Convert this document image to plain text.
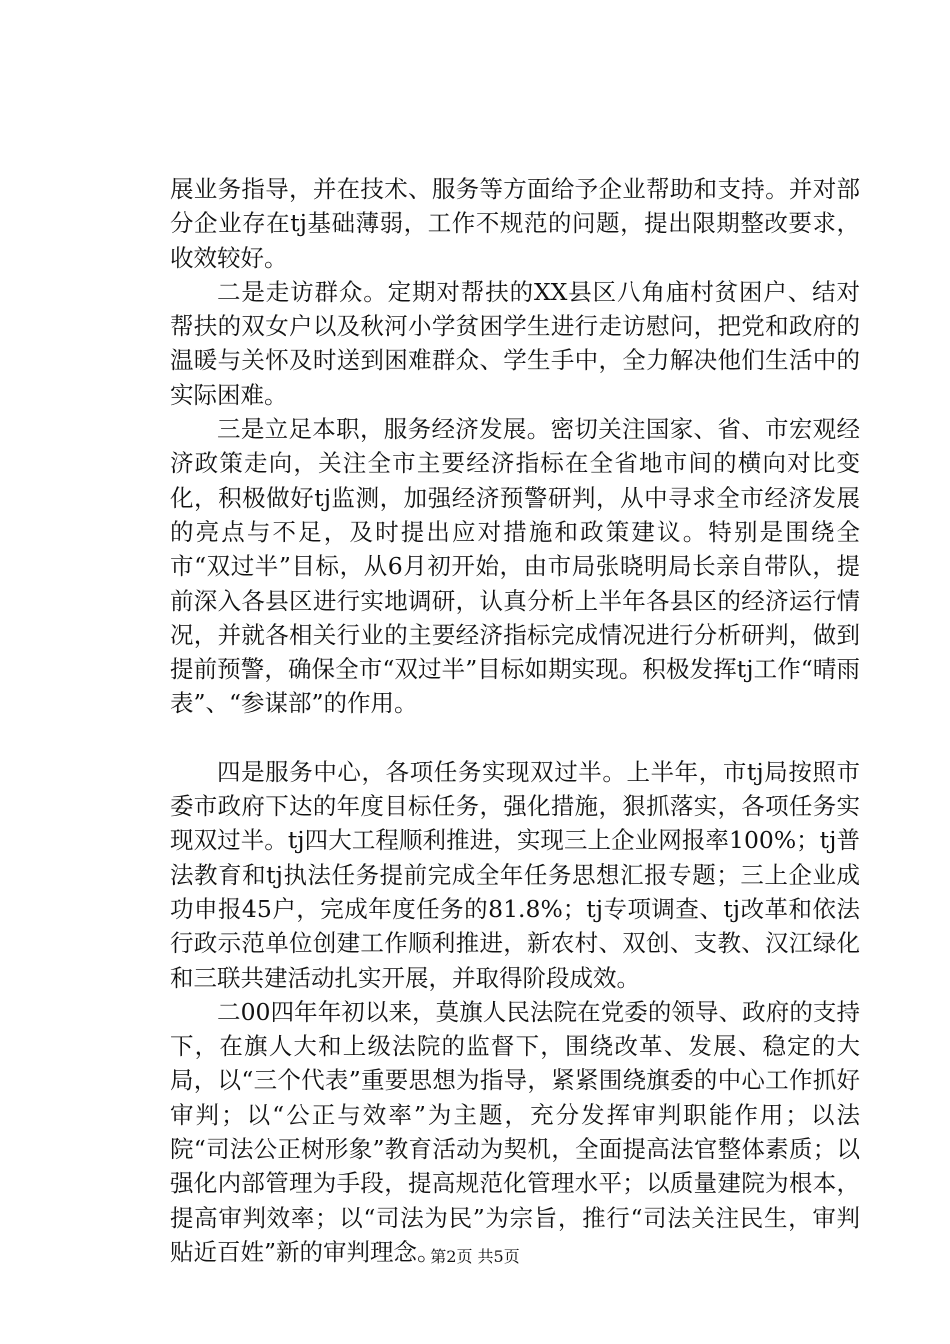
展业务指导，并在技术、服务等方面给予企业帮助和支持。并对部分企业存在tj基础薄弱，工作不规范的问题，提出限期整改要求，收效较好。

二是走访群众。定期对帮扶的XX县区八角庙村贫困户、结对帮扶的双女户以及秋河小学贫困学生进行走访慰问，把党和政府的温暖与关怀及时送到困难群众、学生手中，全力解决他们生活中的实际困难。

三是立足本职，服务经济发展。密切关注国家、省、市宏观经济政策走向，关注全市主要经济指标在全省地市间的横向对比变化，积极做好tj监测，加强经济预警研判，从中寻求全市经济发展的亮点与不足，及时提出应对措施和政策建议。特别是围绕全市“双过半”目标，从6月初开始，由市局张晓明局长亲自带队，提前深入各县区进行实地调研，认真分析上半年各县区的经济运行情况，并就各相关行业的主要经济指标完成情况进行分析研判，做到提前预警，确保全市“双过半”目标如期实现。积极发挥tj工作“晴雨表”、“参谋部”的作用。

四是服务中心，各项任务实现双过半。上半年，市tj局按照市委市政府下达的年度目标任务，强化措施，狠抓落实，各项任务实现双过半。tj四大工程顺利推进，实现三上企业网报率100%；tj普法教育和tj执法任务提前完成全年任务思想汇报专题；三上企业成功申报45户，完成年度任务的81.8%；tj专项调查、tj改革和依法行政示范单位创建工作顺利推进，新农村、双创、支教、汉江绿化和三联共建活动扎实开展，并取得阶段成效。

二00四年年初以来，莫旗人民法院在党委的领导、政府的支持下，在旗人大和上级法院的监督下，围绕改革、发展、稳定的大局，以“三个代表”重要思想为指导，紧紧围绕旗委的中心工作抓好审判；以“公正与效率”为主题，充分发挥审判职能作用；以法院“司法公正树形象”教育活动为契机，全面提高法官整体素质；以强化内部管理为手段，提高规范化管理水平；以质量建院为根本，提高审判效率；以“司法为民”为宗旨，推行“司法关注民生，审判贴近百姓”新的审判理念。

第2页 共5页
